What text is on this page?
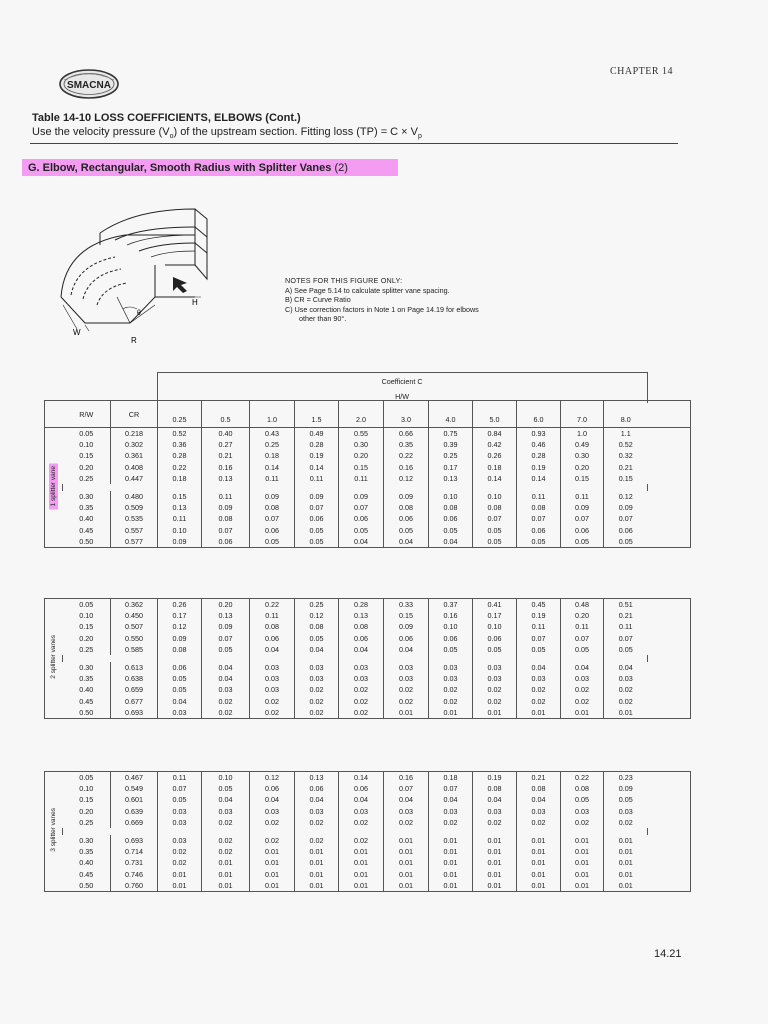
CHAPTER 14
SMACNA
Table 14-10 LOSS COEFFICIENTS, ELBOWS (Cont.)
Use the velocity pressure $(V_o)$ of the upstream section. Fitting loss $(TP) = C \times V_p$
G. Elbow, Rectangular, Smooth Radius with Splitter Vanes (2)
H
W
R
θ
NOTES FOR THIS FIGURE ONLY:
A) See Page 5.14 to calculate splitter vane spacing.
B) CR = Curve Ratio
C) Use correction factors in Note 1 on Page 14.19 for elbows
other than 90°.
	Coefficient C
	H/W
	R/W	CR	0.25	0.5	1.0	1.5	2.0	3.0	4.0	5.0	6.0	7.0	8.0	
1 splitter vane	0.05	0.218	0.52	0.40	0.43	0.49	0.55	0.66	0.75	0.84	0.93	1.0	1.1	
	0.10	0.302	0.36	0.27	0.25	0.28	0.30	0.35	0.39	0.42	0.46	0.49	0.52	
	0.15	0.361	0.28	0.21	0.18	0.19	0.20	0.22	0.25	0.26	0.28	0.30	0.32	
	0.20	0.408	0.22	0.16	0.14	0.14	0.15	0.16	0.17	0.18	0.19	0.20	0.21	
	0.25	0.447	0.18	0.13	0.11	0.11	0.11	0.12	0.13	0.14	0.14	0.15	0.15	

	0.30	0.480	0.15	0.11	0.09	0.09	0.09	0.09	0.10	0.10	0.11	0.11	0.12	
	0.35	0.509	0.13	0.09	0.08	0.07	0.07	0.08	0.08	0.08	0.08	0.09	0.09	
	0.40	0.535	0.11	0.08	0.07	0.06	0.06	0.06	0.06	0.07	0.07	0.07	0.07	
	0.45	0.557	0.10	0.07	0.06	0.05	0.05	0.05	0.05	0.05	0.06	0.06	0.06	
	0.50	0.577	0.09	0.06	0.05	0.05	0.04	0.04	0.04	0.05	0.05	0.05	0.05	
2 splitter vanes	0.05	0.362	0.26	0.20	0.22	0.25	0.28	0.33	0.37	0.41	0.45	0.48	0.51	
	0.10	0.450	0.17	0.13	0.11	0.12	0.13	0.15	0.16	0.17	0.19	0.20	0.21	
	0.15	0.507	0.12	0.09	0.08	0.08	0.08	0.09	0.10	0.10	0.11	0.11	0.11	
	0.20	0.550	0.09	0.07	0.06	0.05	0.06	0.06	0.06	0.06	0.07	0.07	0.07	
	0.25	0.585	0.08	0.05	0.04	0.04	0.04	0.04	0.05	0.05	0.05	0.05	0.05	

	0.30	0.613	0.06	0.04	0.03	0.03	0.03	0.03	0.03	0.03	0.04	0.04	0.04	
	0.35	0.638	0.05	0.04	0.03	0.03	0.03	0.03	0.03	0.03	0.03	0.03	0.03	
	0.40	0.659	0.05	0.03	0.03	0.02	0.02	0.02	0.02	0.02	0.02	0.02	0.02	
	0.45	0.677	0.04	0.02	0.02	0.02	0.02	0.02	0.02	0.02	0.02	0.02	0.02	
	0.50	0.693	0.03	0.02	0.02	0.02	0.02	0.01	0.01	0.01	0.01	0.01	0.01	
3 splitter vanes	0.05	0.467	0.11	0.10	0.12	0.13	0.14	0.16	0.18	0.19	0.21	0.22	0.23	
	0.10	0.549	0.07	0.05	0.06	0.06	0.06	0.07	0.07	0.08	0.08	0.08	0.09	
	0.15	0.601	0.05	0.04	0.04	0.04	0.04	0.04	0.04	0.04	0.04	0.05	0.05	
	0.20	0.639	0.03	0.03	0.03	0.03	0.03	0.03	0.03	0.03	0.03	0.03	0.03	
	0.25	0.669	0.03	0.02	0.02	0.02	0.02	0.02	0.02	0.02	0.02	0.02	0.02	

	0.30	0.693	0.03	0.02	0.02	0.02	0.02	0.01	0.01	0.01	0.01	0.01	0.01	
	0.35	0.714	0.02	0.02	0.01	0.01	0.01	0.01	0.01	0.01	0.01	0.01	0.01	
	0.40	0.731	0.02	0.01	0.01	0.01	0.01	0.01	0.01	0.01	0.01	0.01	0.01	
	0.45	0.746	0.01	0.01	0.01	0.01	0.01	0.01	0.01	0.01	0.01	0.01	0.01	
	0.50	0.760	0.01	0.01	0.01	0.01	0.01	0.01	0.01	0.01	0.01	0.01	0.01	
14.21
